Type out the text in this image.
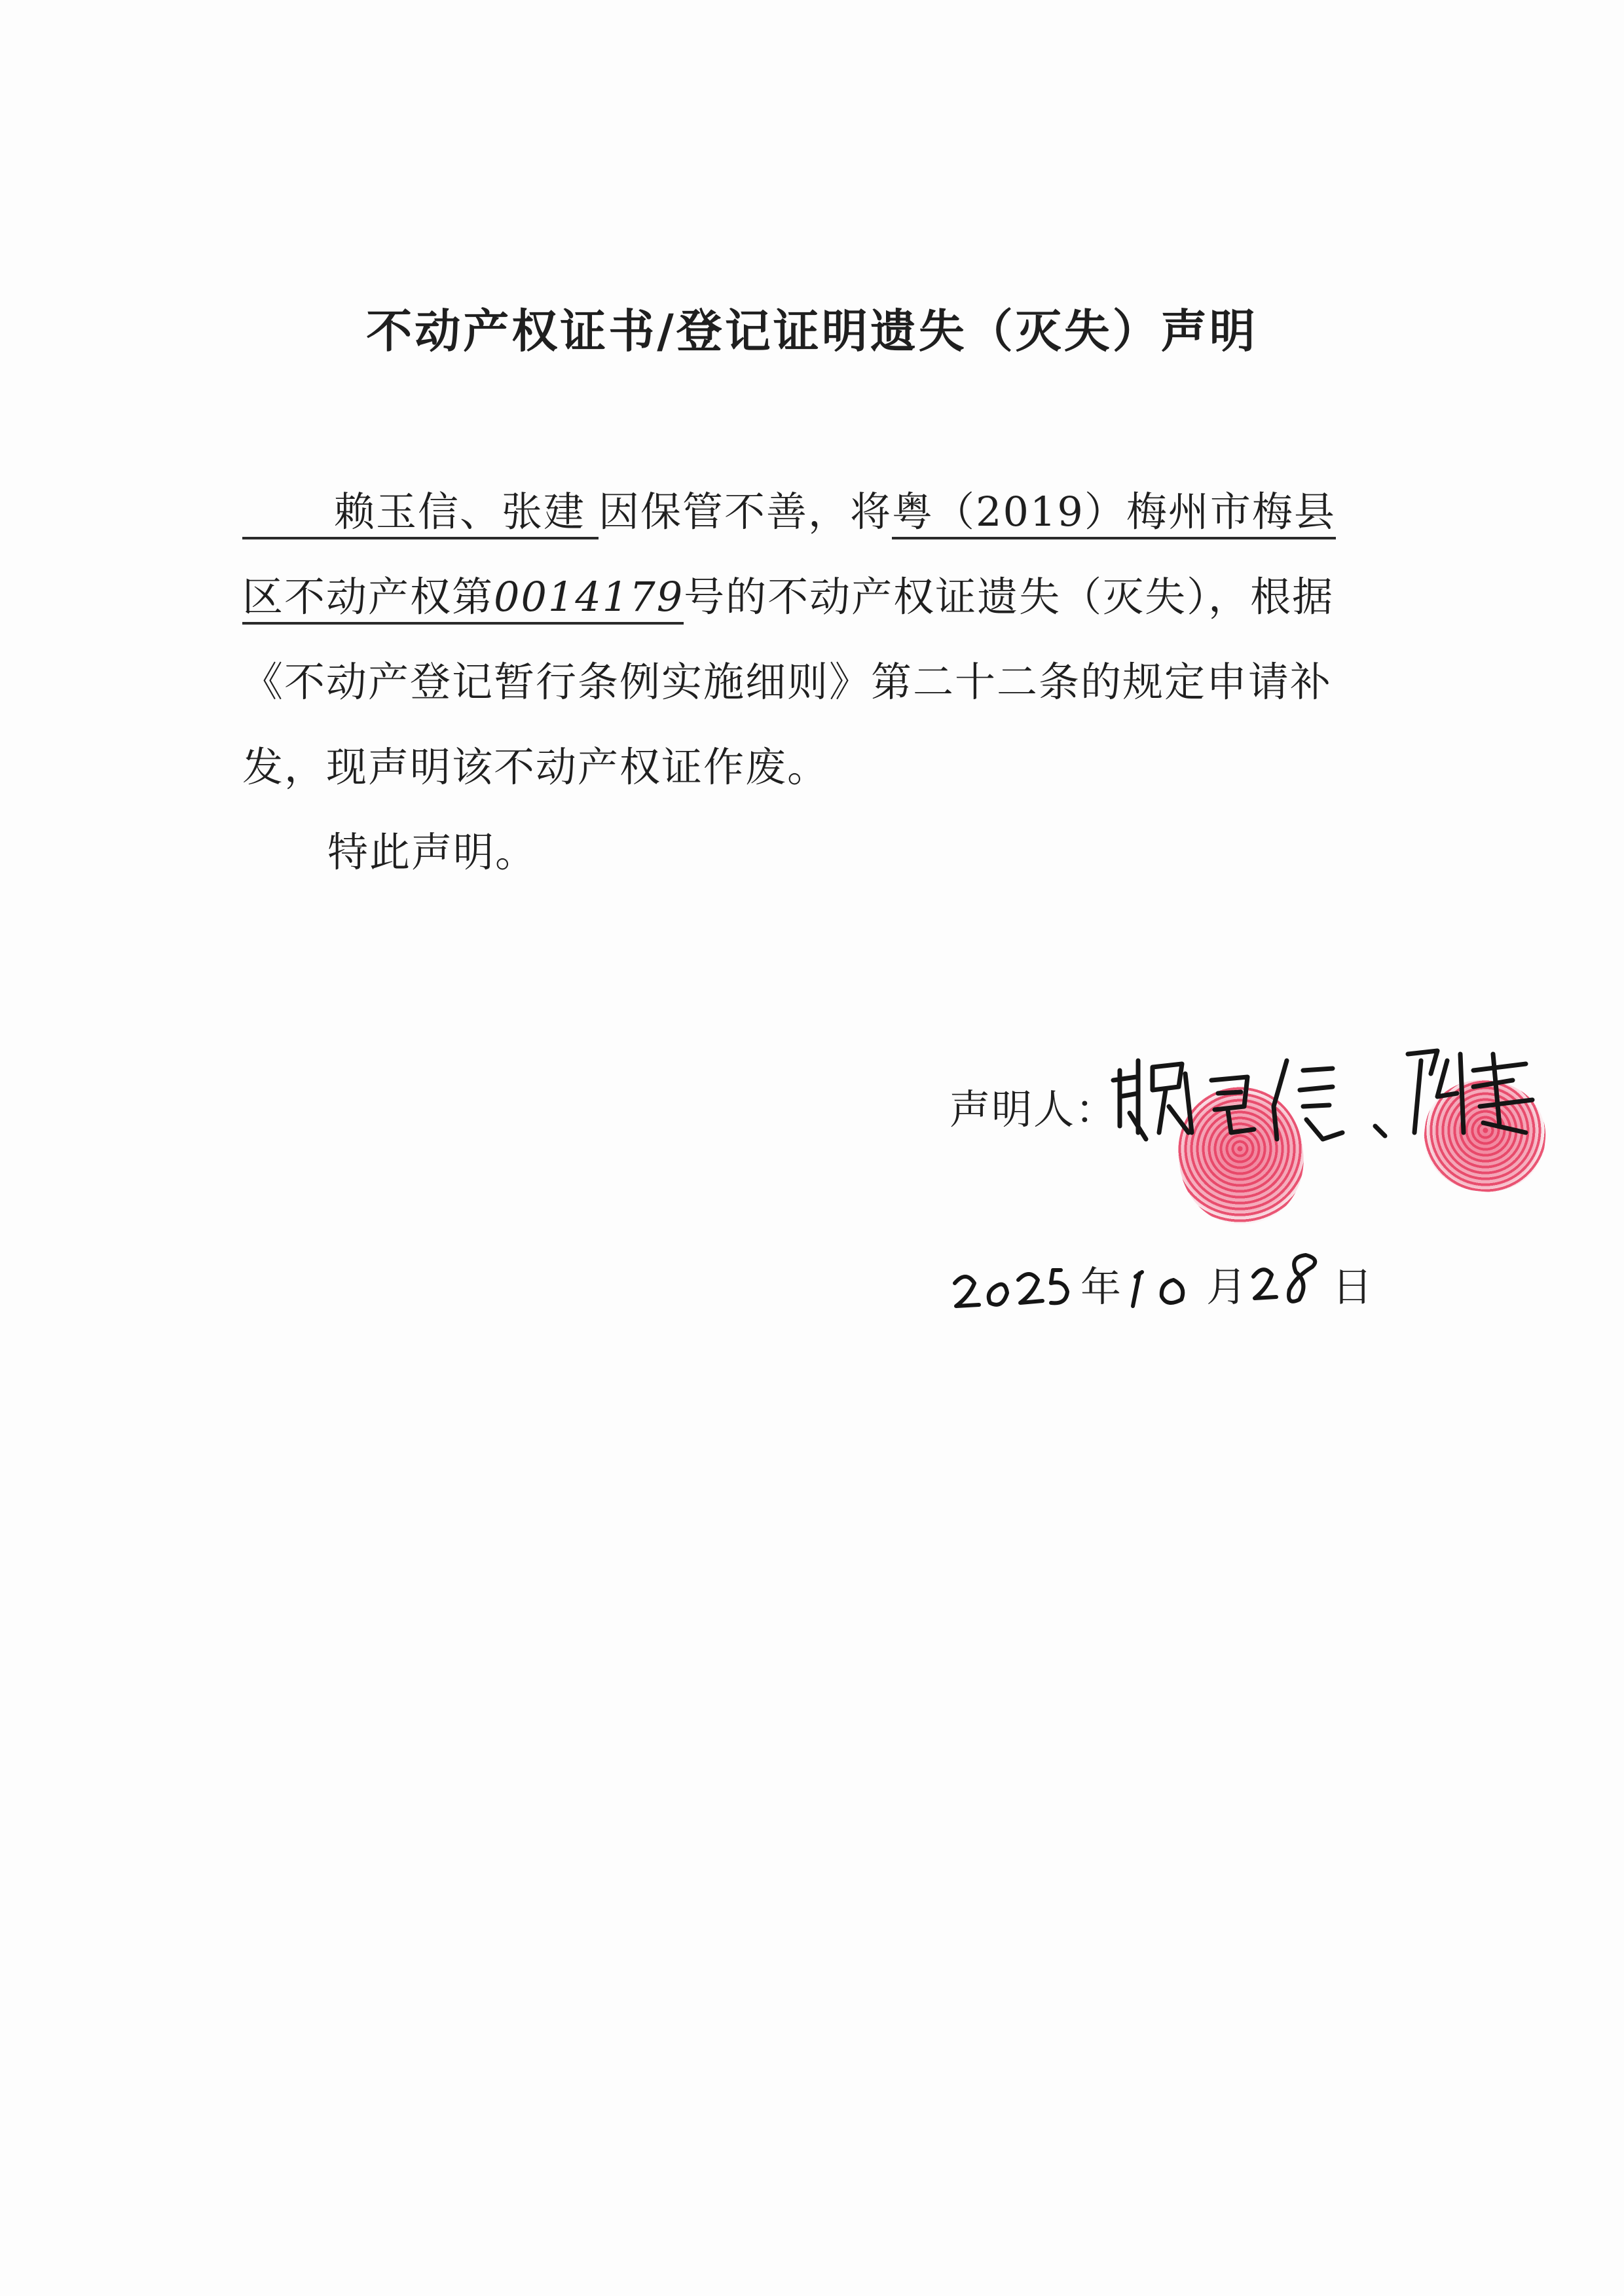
不动产权证书/登记证明遗失（灭失）声明
赖玉信、张建 因保管不善，将粤（2019）梅州市梅县
区不动产权第0014179号的不动产权证遗失（灭失），根据
《不动产登记暂行条例实施细则》第二十二条的规定申请补
发，现声明该不动产权证作废。
特此声明。
声明人：
年 月 日
